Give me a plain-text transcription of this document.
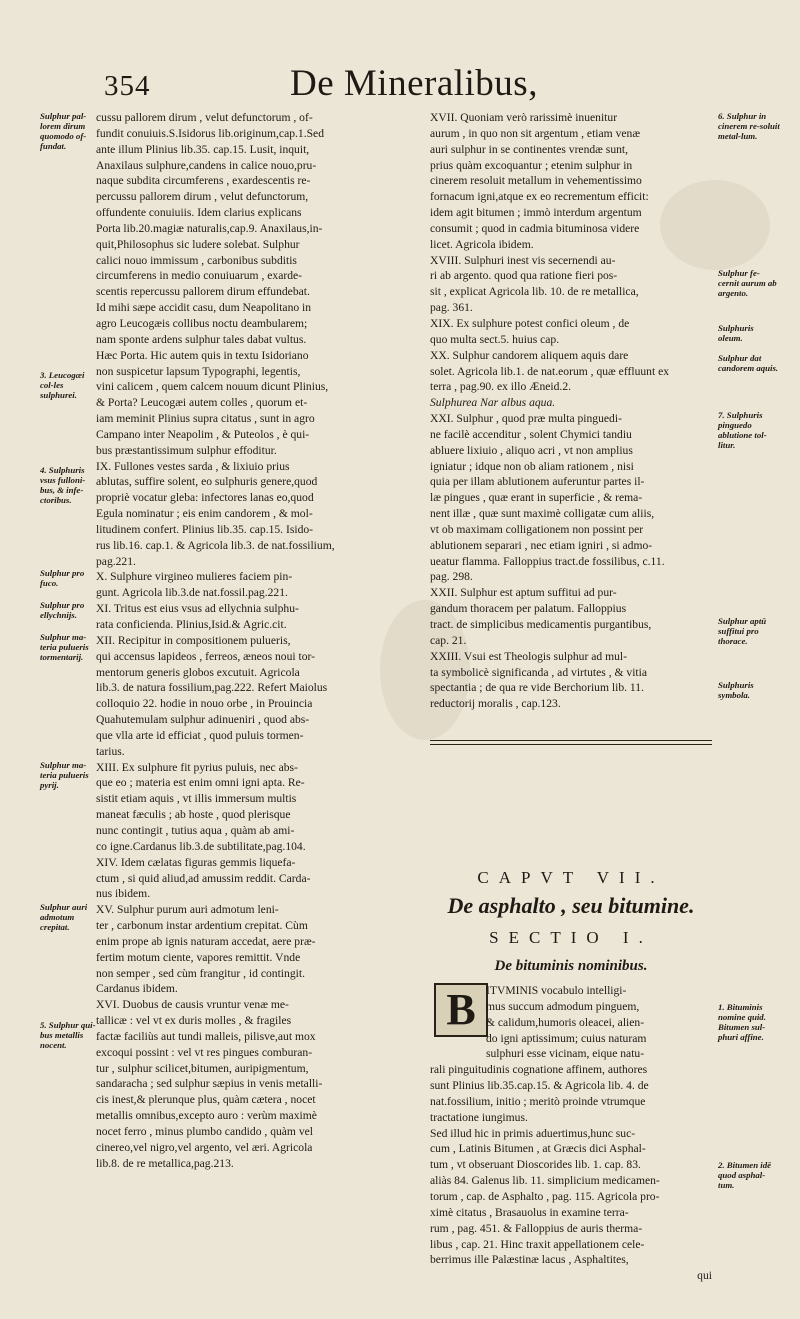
354	De Mineralibus,
Sulphur pal-lorem dirum quomodo of-fundat.
3. Leucogæi col-les sulphurei.
4. Sulphuris vsus fulloni-bus, & infe-ctoribus.
Sulphur pro fuco.
Sulphur pro ellychnijs.
Sulphur ma-teria pulueris tormentarij.
Sulphur ma-teria pulueris pyrij.
Sulphur auri admotum crepitat.
5. Sulphur qui-bus metallis nocent.
6. Sulphur in cinerem re-soluit metal-lum.
Sulphur fe-cernit aurum ab argento.
Sulphuris oleum.
Sulphur dat candorem aquis.
7. Sulphuris pinguedo ablutione tol-litur.
Sulphur aptū suffitui pro thorace.
Sulphuris symbola.
1. Bituminis nomine quid. Bitumen sul-phuri affine.
2. Bitumen idē quod asphal-tum.

cussu pallorem dirum , velut defunctorum , of-

fundit conuiuis.S.Isidorus lib.originum,cap.1.Sed

ante illum Plinius lib.35. cap.15. Lusit, inquit,

Anaxilaus sulphure,candens in calice nouo,pru-

naque subdita circumferens , exardescentis re-

percussu pallorem dirum , velut defunctorum,

offundente conuiuiis. Idem clarius explicans

Porta lib.20.magiæ naturalis,cap.9. Anaxilaus,in-

quit,Philosophus sic ludere solebat. Sulphur

calici nouo immissum , carbonibus subditis

circumferens in medio conuiuarum , exarde-

scentis repercussu pallorem dirum effundebat.

Id mihi sæpe accidit casu, dum Neapolitano in

agro Leucogæis collibus noctu deambularem;

nam sponte ardens sulphur tales dabat vultus.

Hæc Porta. Hic autem quis in textu Isidoriano

non suspicetur lapsum Typographi, legentis,

vini calicem , quem calcem nouum dicunt Plinius,

& Porta? Leucogæi autem colles , quorum et-

iam meminit Plinius supra citatus , sunt in agro

Campano inter Neapolim , & Puteolos , è qui-

bus præstantissimum sulphur effoditur.

IX. Fullones vestes sarda , & lixiuio prius

ablutas, suffire solent, eo sulphuris genere,quod

propriè vocatur gleba: infectores lanas eo,quod

Egula nominatur ; eis enim candorem , & mol-

litudinem confert. Plinius lib.35. cap.15. Isido-

rus lib.16. cap.1. & Agricola lib.3. de nat.fossilium,

pag.221.

X. Sulphure virgineo mulieres faciem pin-

gunt. Agricola lib.3.de nat.fossil.pag.221.

XI. Tritus est eius vsus ad ellychnia sulphu-

rata conficienda. Plinius,Isid.& Agric.cit.

XII. Recipitur in compositionem pulueris,

qui accensus lapideos , ferreos, æneos noui tor-

mentorum generis globos excutuit. Agricola

lib.3. de natura fossilium,pag.222. Refert Maiolus

colloquio 22. hodie in nouo orbe , in Prouincia

Quahutemulam sulphur adinueniri , quod abs-

que vlla arte id efficiat , quod puluis tormen-

tarius.

XIII. Ex sulphure fit pyrius puluis, nec abs-

que eo ; materia est enim omni igni apta. Re-

sistit etiam aquis , vt illis immersum multis

maneat fæculis ; ab hoste , quod plerisque

nunc contingit , tutius aqua , quàm ab ami-

co igne.Cardanus lib.3.de subtilitate,pag.104.

XIV. Idem cælatas figuras gemmis liquefa-

ctum , si quid aliud,ad amussim reddit. Carda-

nus ibidem.

XV. Sulphur purum auri admotum leni-

ter , carbonum instar ardentium crepitat. Cùm

enim prope ab ignis naturam accedat, aere præ-

fertim motum ciente, vapores remittit. Vnde

non semper , sed cùm frangitur , id contingit.

Cardanus ibidem.

XVI. Duobus de causis vruntur venæ me-

tallicæ : vel vt ex duris molles , & fragiles

factæ faciliùs aut tundi malleis, pilisve,aut mox

excoqui possint : vel vt res pingues comburan-

tur , sulphur scilicet,bitumen, auripigmentum,

sandaracha ; sed sulphur sæpius in venis metalli-

cis inest,& plerunque plus, quàm cætera , nocet

metallis omnibus,excepto auro : verùm maximè

nocet ferro , minus plumbo candido , quàm vel

cinereo,vel nigro,vel argento, vel æri. Agricola

lib.8. de re metallica,pag.213.

XVII. Quoniam verò rarissimè inuenitur

aurum , in quo non sit argentum , etiam venæ

auri sulphur in se continentes vrendæ sunt,

prius quàm excoquantur ; etenim sulphur in

cinerem resoluit metallum in vehementissimo

fornacum igni,atque ex eo recrementum efficit:

idem agit bitumen ; immò interdum argentum

consumit ; quod in cadmia bituminosa videre

licet. Agricola ibidem.

XVIII. Sulphuri inest vis secernendi au-

ri ab argento. quod qua ratione fieri pos-

sit , explicat Agricola lib. 10. de re metallica,

pag. 361.

XIX. Ex sulphure potest confici oleum , de

quo multa sect.5. huius cap.

XX. Sulphur candorem aliquem aquis dare

solet. Agricola lib.1. de nat.eorum , quæ effluunt ex

terra , pag.90. ex illo Æneid.2.

Sulphurea Nar albus aqua.

XXI. Sulphur , quod præ multa pinguedi-

ne facilè accenditur , solent Chymici tandiu

abluere lixiuio , aliquo acri , vt non amplius

igniatur ; idque non ob aliam rationem , nisi

quia per illam ablutionem auferuntur partes il-

læ pingues , quæ erant in superficie , & rema-

nent illæ , quæ sunt maximè colligatæ cum aliis,

vt ob maximam colligationem non possint per

ablutionem separari , nec etiam igniri , si admo-

ueatur flamma. Falloppius tract.de fossilibus, c.11.

pag. 298.

XXII. Sulphur est aptum suffitui ad pur-

gandum thoracem per palatum. Falloppius

tract. de simplicibus medicamentis purgantibus,

cap. 21.

XXIII. Vsui est Theologis sulphur ad mul-

ta symbolicè significanda , ad virtutes , & vitia

spectantia ; de qua re vide Berchorium lib. 11.

reductorij moralis , cap.123.

CAPVT VII.
De asphalto , seu bitumine.
SECTIO I.
De bituminis nominibus.
B ITVMINIS vocabulo intelligi-
mus succum admodum pinguem,
& calidum,humoris oleacei, alien-
do igni aptissimum; cuius naturam
sulphuri esse vicinam, eique natu-
rali pinguitudinis cognatione affinem, authores
sunt Plinius lib.35.cap.15. & Agricola lib. 4. de
nat.fossilium, initio ; meritò proinde vtrumque
tractatione iungimus.
Sed illud hic in primis aduertimus,hunc suc-
cum , Latinis Bitumen , at Græcis dici Asphal-
tum , vt obseruant Dioscorides lib. 1. cap. 83.
aliàs 84. Galenus lib. 11. simplicium medicamen-
torum , cap. de Asphalto , pag. 115. Agricola pro-
ximè citatus , Brasauolus in examine terra-
rum , pag. 451. & Falloppius de auris therma-
libus , cap. 21. Hinc traxit appellationem cele-
berrimus ille Palæstinæ lacus , Asphaltites,
qui
